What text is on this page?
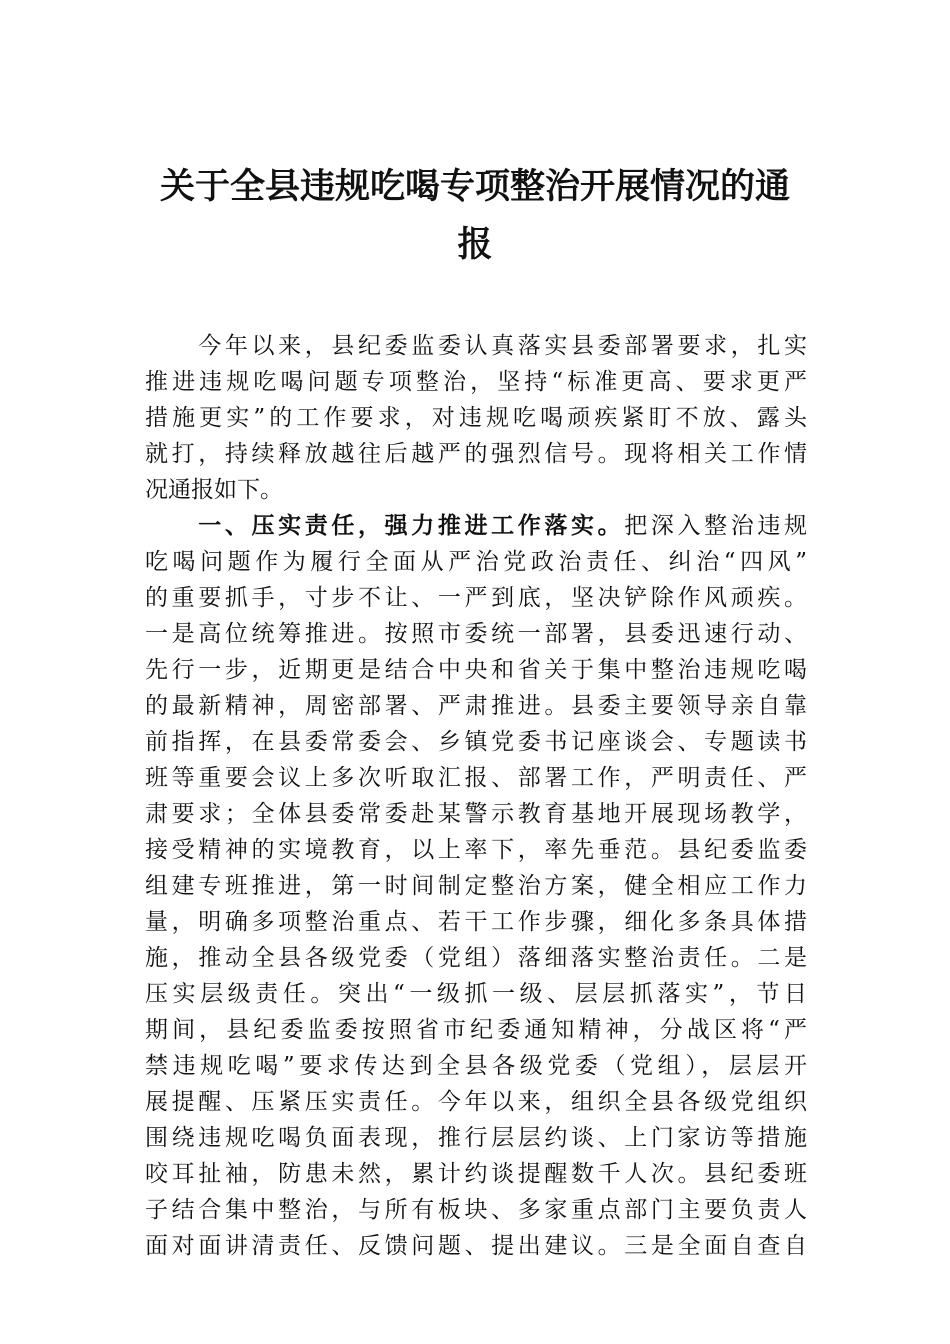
关于全县违规吃喝专项整治开展情况的通
报
　　今年以来，县纪委监委认真落实县委部署要求，扎实
推进违规吃喝问题专项整治，坚持“标准更高、要求更严
措施更实”的工作要求，对违规吃喝顽疾紧盯不放、露头
就打，持续释放越往后越严的强烈信号。现将相关工作情
况通报如下。
　　一、压实责任，强力推进工作落实。把深入整治违规
吃喝问题作为履行全面从严治党政治责任、纠治“四风”
的重要抓手，寸步不让、一严到底，坚决铲除作风顽疾。
一是高位统筹推进。按照市委统一部署，县委迅速行动、
先行一步，近期更是结合中央和省关于集中整治违规吃喝
的最新精神，周密部署、严肃推进。县委主要领导亲自靠
前指挥，在县委常委会、乡镇党委书记座谈会、专题读书
班等重要会议上多次听取汇报、部署工作，严明责任、严
肃要求；全体县委常委赴某警示教育基地开展现场教学，
接受精神的实境教育，以上率下，率先垂范。县纪委监委
组建专班推进，第一时间制定整治方案，健全相应工作力
量，明确多项整治重点、若干工作步骤，细化多条具体措
施，推动全县各级党委（党组）落细落实整治责任。二是
压实层级责任。突出“一级抓一级、层层抓落实”，节日
期间，县纪委监委按照省市纪委通知精神，分战区将“严
禁违规吃喝”要求传达到全县各级党委（党组），层层开
展提醒、压紧压实责任。今年以来，组织全县各级党组织
围绕违规吃喝负面表现，推行层层约谈、上门家访等措施
咬耳扯袖，防患未然，累计约谈提醒数千人次。县纪委班
子结合集中整治，与所有板块、多家重点部门主要负责人
面对面讲清责任、反馈问题、提出建议。三是全面自查自
